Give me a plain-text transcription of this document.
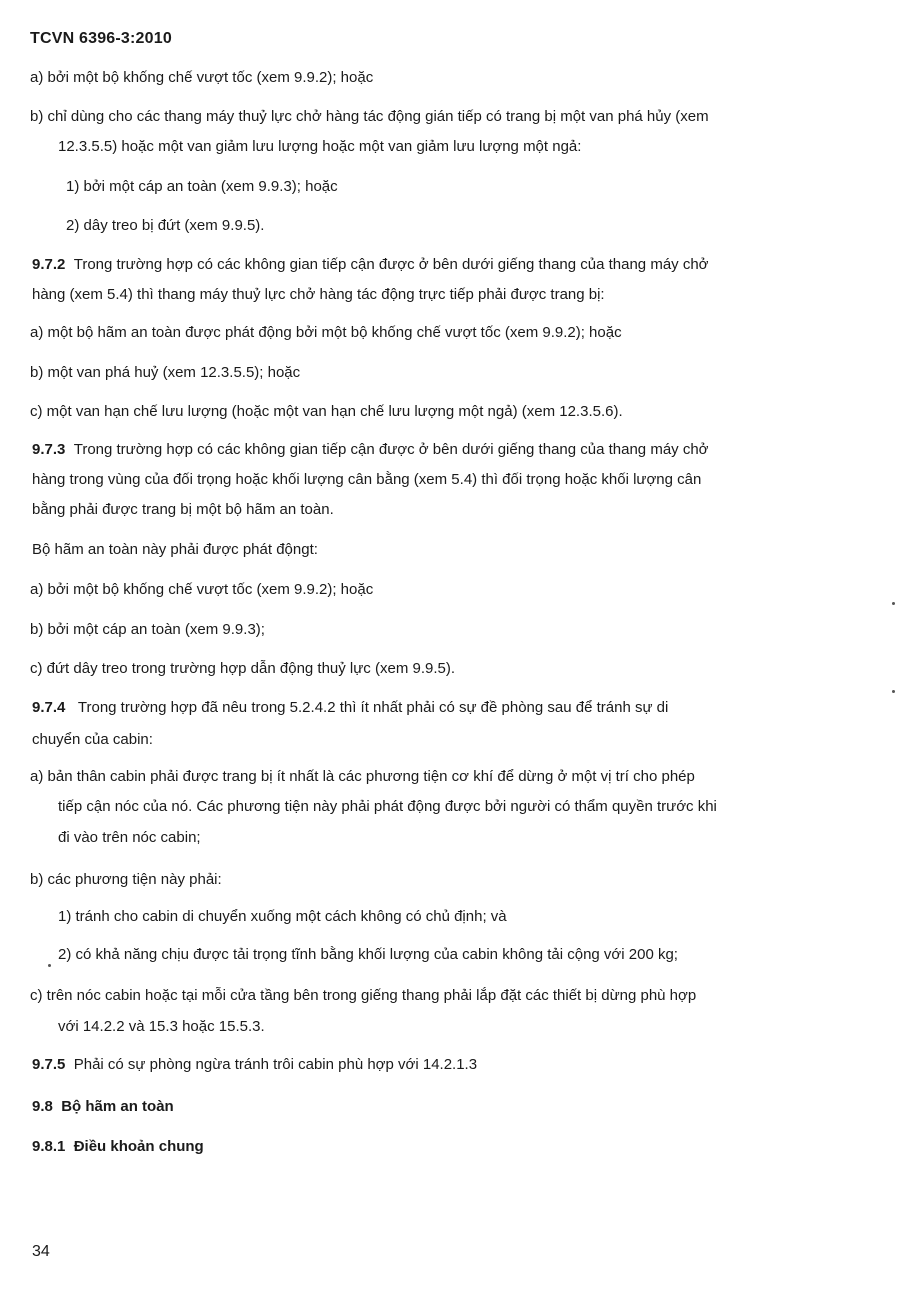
TCVN 6396-3:2010
a) bởi một bộ khống chế vượt tốc (xem 9.9.2); hoặc
b) chỉ dùng cho các thang máy thuỷ lực chở hàng tác động gián tiếp có trang bị một van phá hủy (xem
12.3.5.5) hoặc một van giảm lưu lượng hoặc một van giảm lưu lượng một ngả:
1) bởi một cáp an toàn (xem 9.9.3); hoặc
2) dây treo bị đứt (xem 9.9.5).
9.7.2 Trong trường hợp có các không gian tiếp cận được ở bên dưới giếng thang của thang máy chở
hàng (xem 5.4) thì thang máy thuỷ lực chở hàng tác động trực tiếp phải được trang bị:
a) một bộ hãm an toàn được phát động bởi một bộ khống chế vượt tốc (xem 9.9.2); hoặc
b) một van phá huỷ (xem 12.3.5.5); hoặc
c) một van hạn chế lưu lượng (hoặc một van hạn chế lưu lượng một ngả) (xem 12.3.5.6).
9.7.3 Trong trường hợp có các không gian tiếp cận được ở bên dưới giếng thang của thang máy chở
hàng trong vùng của đối trọng hoặc khối lượng cân bằng (xem 5.4) thì đối trọng hoặc khối lượng cân
bằng phải được trang bị một bộ hãm an toàn.
Bộ hãm an toàn này phải được phát độngt:
a) bởi một bộ khống chế vượt tốc (xem 9.9.2); hoặc
b) bởi một cáp an toàn (xem 9.9.3);
c) đứt dây treo trong trường hợp dẫn động thuỷ lực (xem 9.9.5).
9.7.4 Trong trường hợp đã nêu trong 5.2.4.2 thì ít nhất phải có sự đề phòng sau để tránh sự di
chuyển của cabin:
a) bản thân cabin phải được trang bị ít nhất là các phương tiện cơ khí để dừng ở một vị trí cho phép
tiếp cận nóc của nó. Các phương tiện này phải phát động được bởi người có thẩm quyền trước khi
đi vào trên nóc cabin;
b) các phương tiện này phải:
1) tránh cho cabin di chuyển xuống một cách không có chủ định; và
2) có khả năng chịu được tải trọng tĩnh bằng khối lượng của cabin không tải cộng với 200 kg;
c) trên nóc cabin hoặc tại mỗi cửa tầng bên trong giếng thang phải lắp đặt các thiết bị dừng phù hợp
với 14.2.2 và 15.3 hoặc 15.5.3.
9.7.5 Phải có sự phòng ngừa tránh trôi cabin phù hợp với 14.2.1.3
9.8 Bộ hãm an toàn
9.8.1 Điều khoản chung
34
